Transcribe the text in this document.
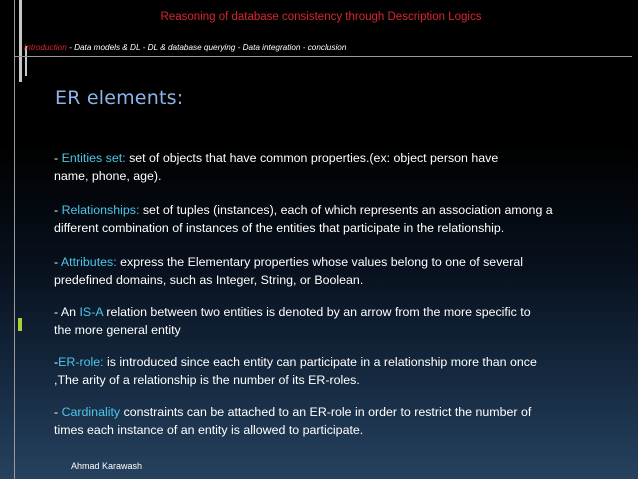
Reasoning of database consistency through Description Logics
Introduction - Data models & DL - DL & database querying - Data integration - conclusion
ER elements:

- Entities set: set of objects that have common properties.(ex: object person have
name, phone, age).

- Relationships: set of tuples (instances), each of which represents an association among a
different combination of instances of the entities that participate in the relationship.

- Attributes: express the Elementary properties whose values belong to one of several
predefined domains, such as Integer, String, or Boolean.

- An IS-A relation between two entities is denoted by an arrow from the more specific to
the more general entity

-ER-role: is introduced since each entity can participate in a relationship more than once
,The arity of a relationship is the number of its ER-roles.

- Cardinality constraints can be attached to an ER-role in order to restrict the number of
times each instance of an entity is allowed to participate.

Ahmad Karawash
